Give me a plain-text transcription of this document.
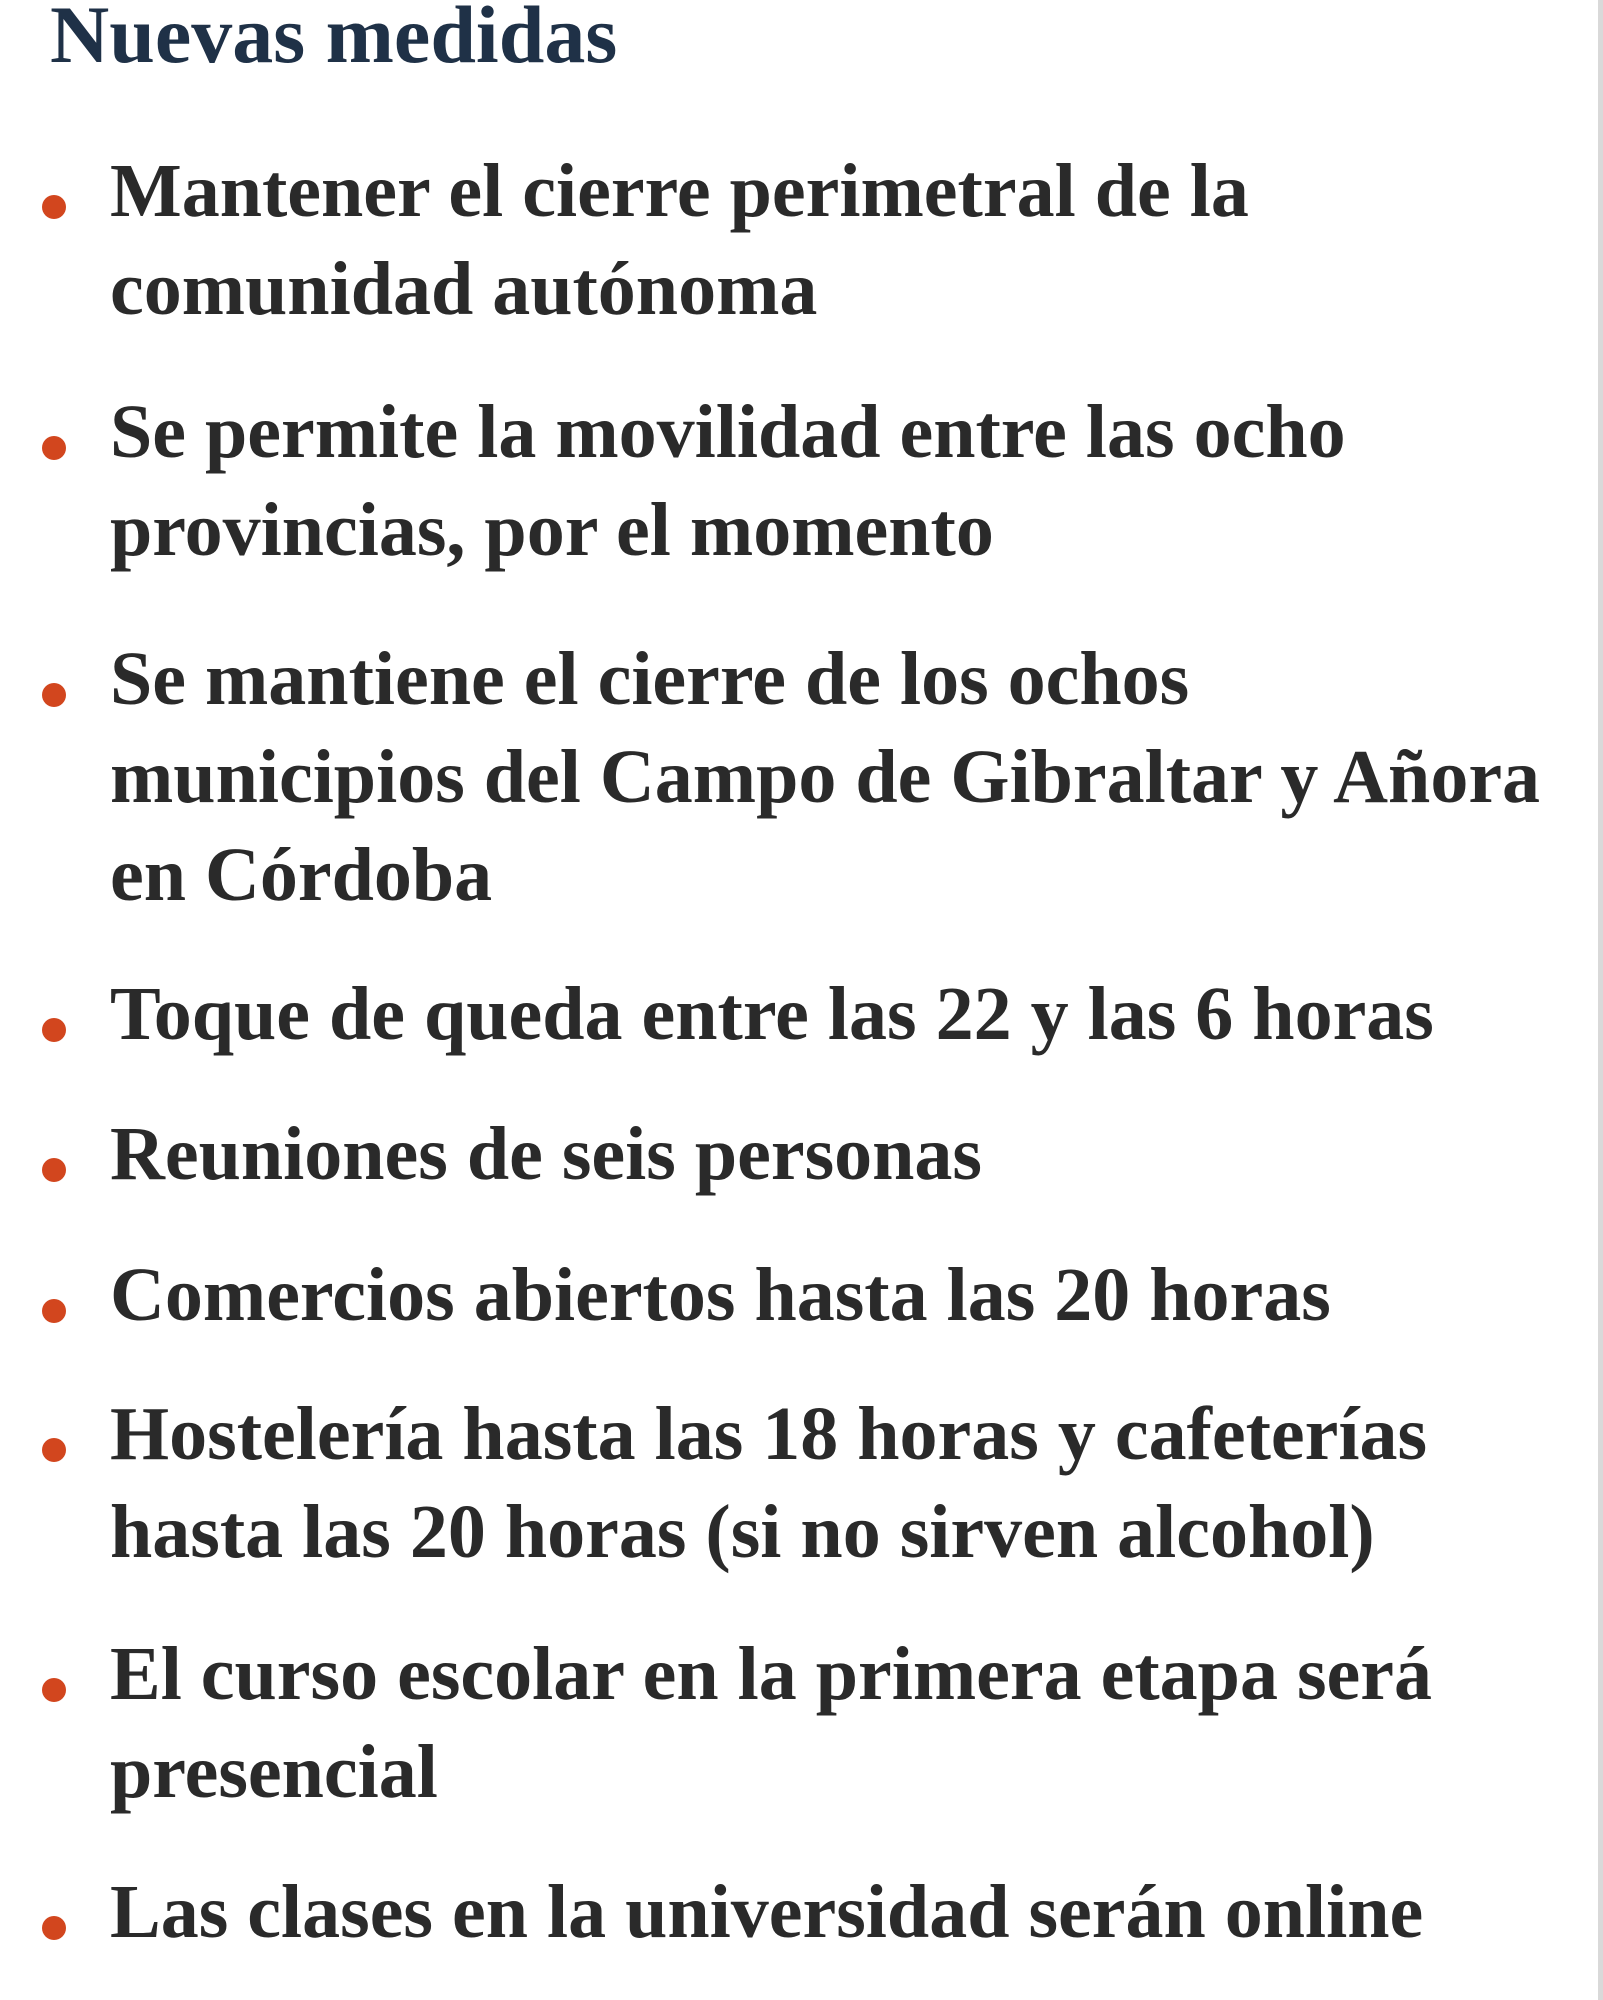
Nuevas medidas
Mantener el cierre perimetral de la
comunidad autónoma
Se permite la movilidad entre las ocho
provincias, por el momento
Se mantiene el cierre de los ochos
municipios del Campo de Gibraltar y Añora
en Córdoba
Toque de queda entre las 22 y las 6 horas
Reuniones de seis personas
Comercios abiertos hasta las 20 horas
Hostelería hasta las 18 horas y cafeterías
hasta las 20 horas (si no sirven alcohol)
El curso escolar en la primera etapa será
presencial
Las clases en la universidad serán online
